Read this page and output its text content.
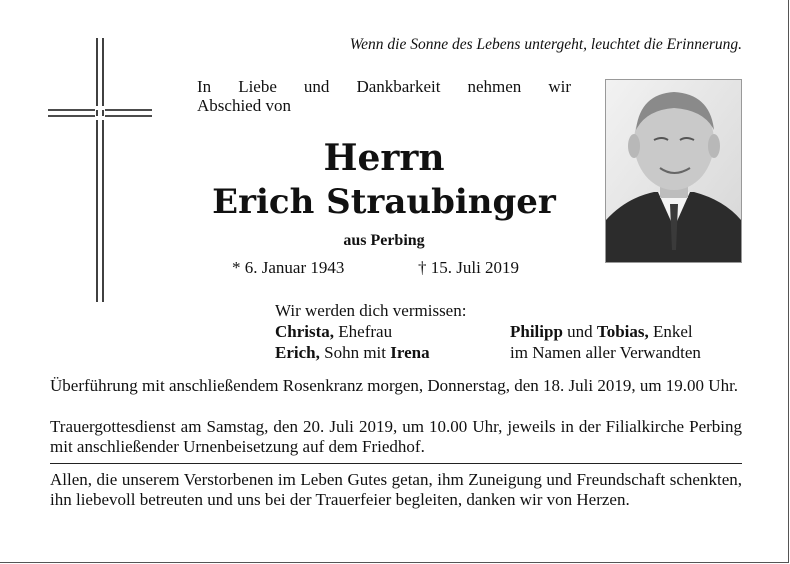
Wenn die Sonne des Lebens untergeht, leuchtet die Erinnerung.
In Liebe und Dankbarkeit nehmen wir
Abschied von
Herrn
Erich Straubinger
aus Perbing
* 6. Januar 1943	† 15. Juli 2019
Wir werden dich vermissen:
Christa, Ehefrau	Philipp und Tobias, Enkel
Erich, Sohn mit Irena	im Namen aller Verwandten
Überführung mit anschließendem Rosenkranz morgen, Donnerstag, den 18. Juli 2019, um 19.00 Uhr.
Trauergottesdienst am Samstag, den 20. Juli 2019, um 10.00 Uhr, jeweils in der Filialkirche Perbing mit anschließender Urnenbeisetzung auf dem Friedhof.
Allen, die unserem Verstorbenen im Leben Gutes getan, ihm Zuneigung und Freundschaft schenkten, ihn liebevoll betreuten und uns bei der Trauerfeier begleiten, danken wir von Herzen.
